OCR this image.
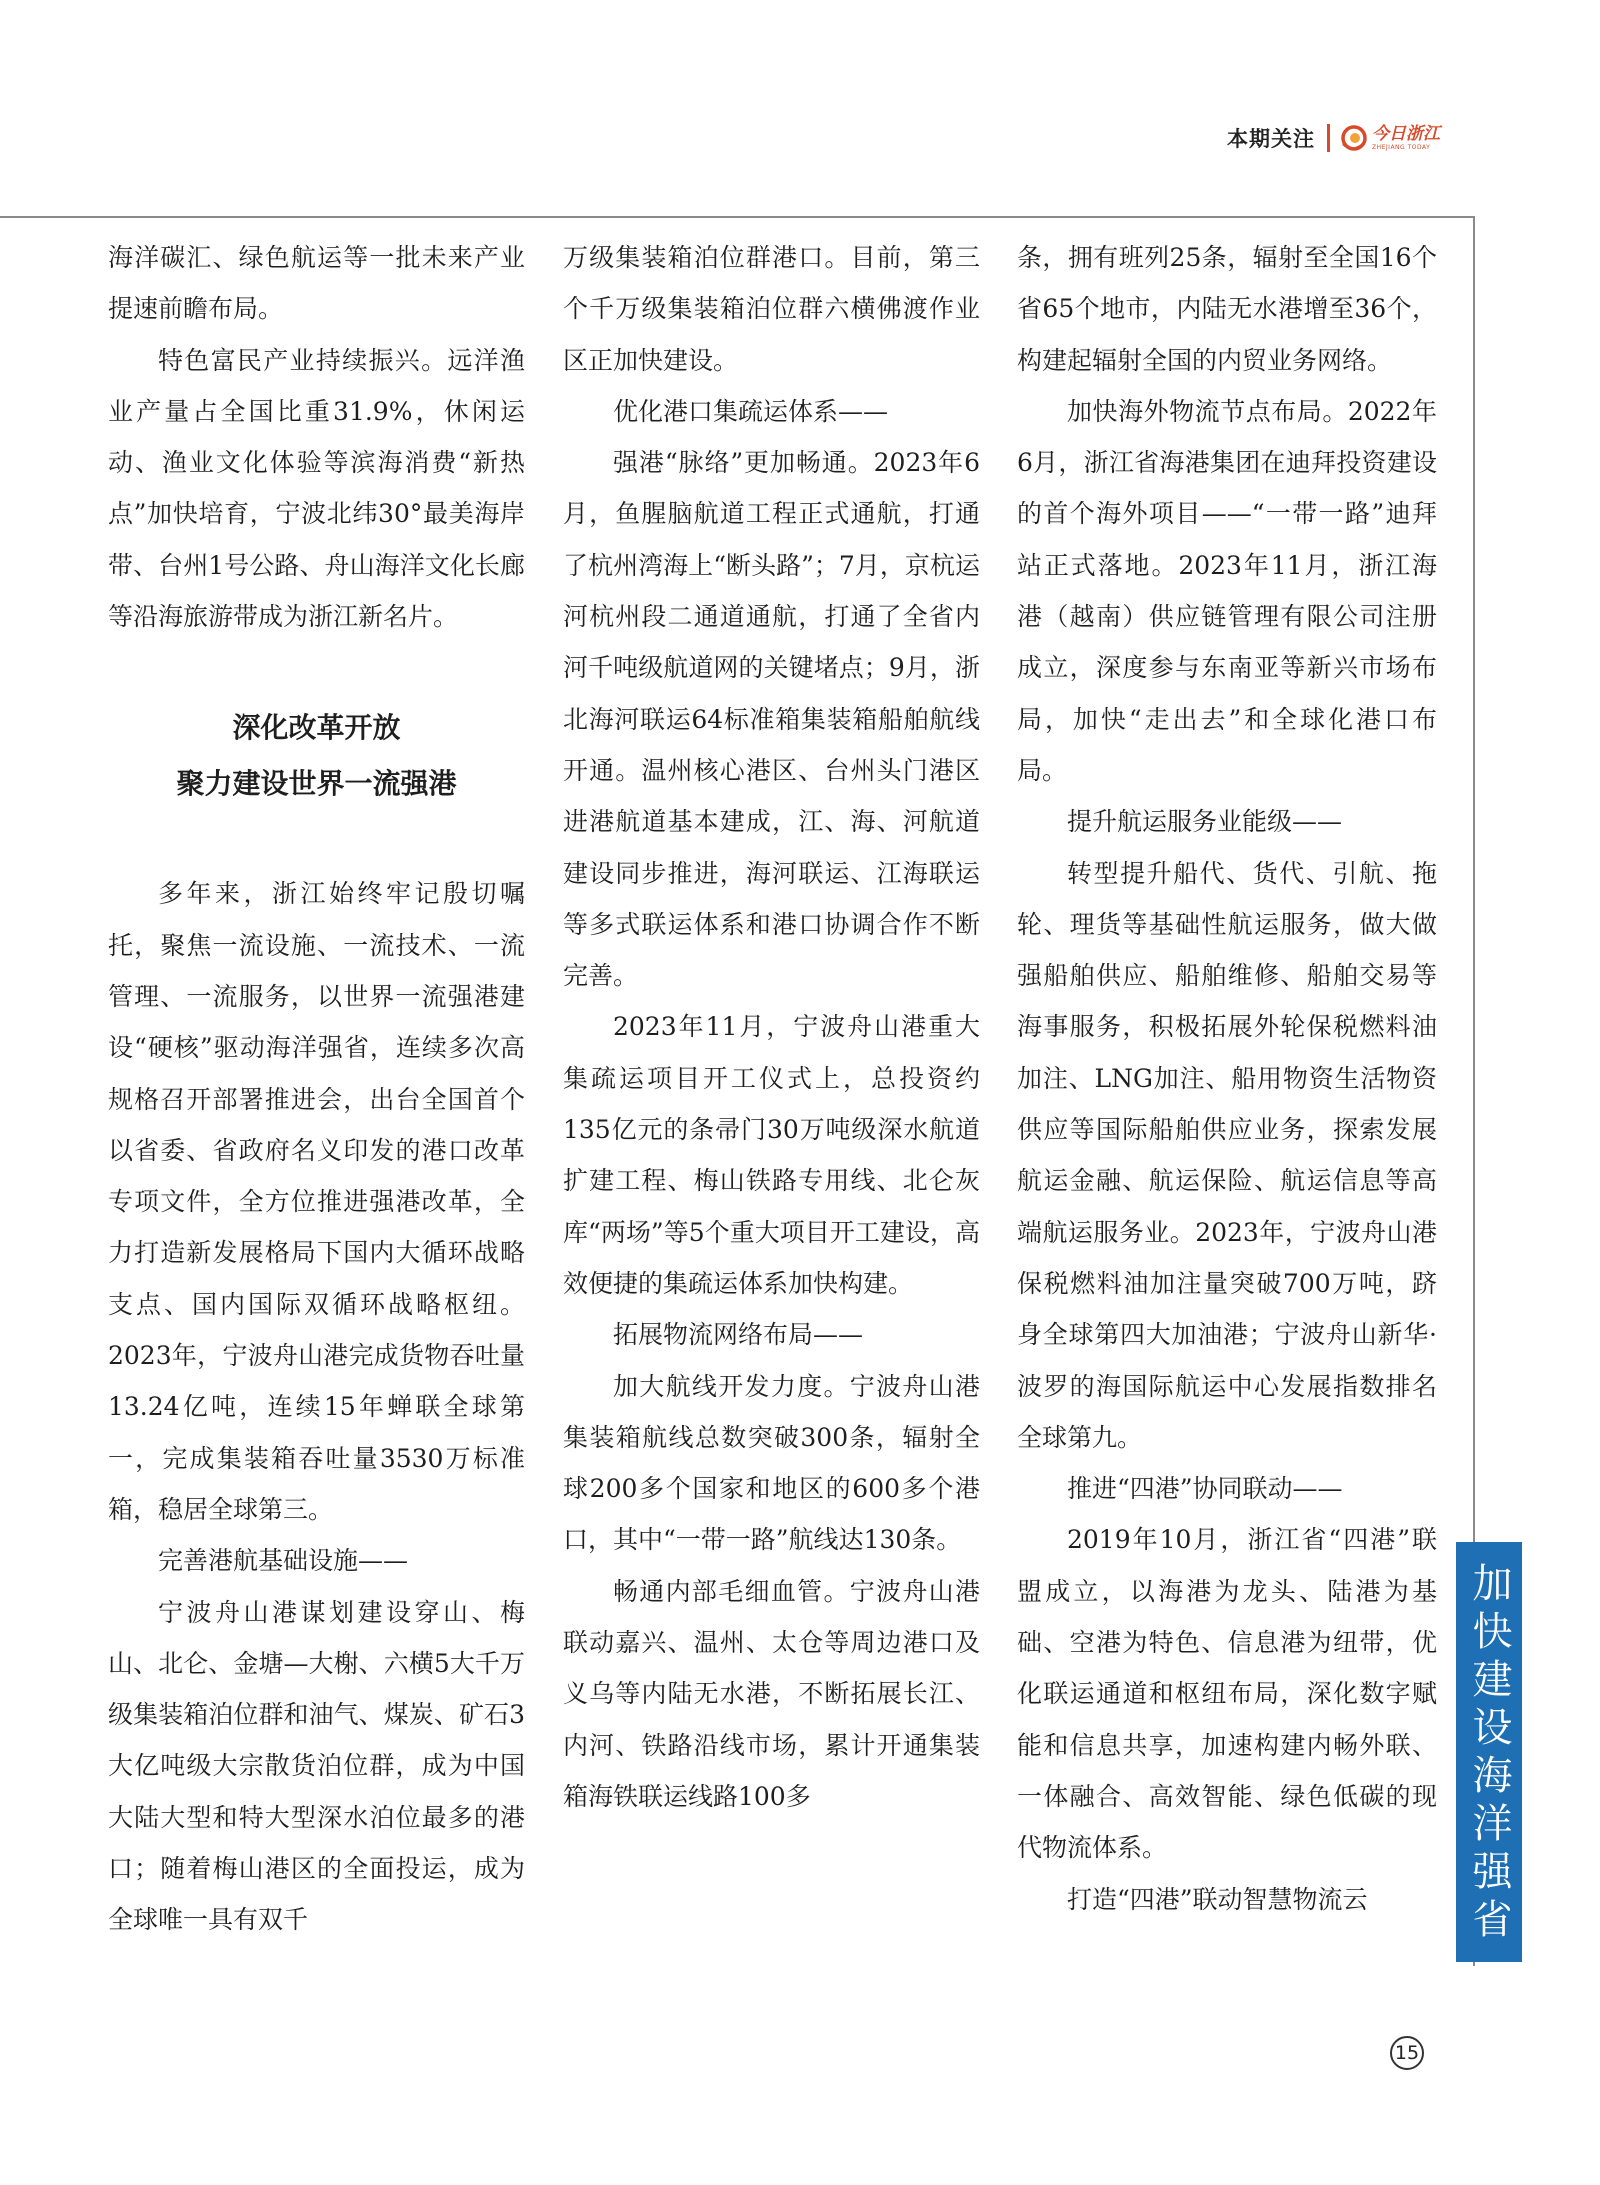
本期关注	今日浙江
ZHEJIANG TODAY

海洋碳汇、绿色航运等一批未来产业提速前瞻布局。

特色富民产业持续振兴。远洋渔业产量占全国比重31.9%，休闲运动、渔业文化体验等滨海消费“新热点”加快培育，宁波北纬30°最美海岸带、台州1号公路、舟山海洋文化长廊等沿海旅游带成为浙江新名片。

深化改革开放
聚力建设世界一流强港

多年来，浙江始终牢记殷切嘱托，聚焦一流设施、一流技术、一流管理、一流服务，以世界一流强港建设“硬核”驱动海洋强省，连续多次高规格召开部署推进会，出台全国首个以省委、省政府名义印发的港口改革专项文件，全方位推进强港改革，全力打造新发展格局下国内大循环战略支点、国内国际双循环战略枢纽。2023年，宁波舟山港完成货物吞吐量13.24亿吨，连续15年蝉联全球第一，完成集装箱吞吐量3530万标准箱，稳居全球第三。

完善港航基础设施——

宁波舟山港谋划建设穿山、梅山、北仑、金塘—大榭、六横5大千万级集装箱泊位群和油气、煤炭、矿石3大亿吨级大宗散货泊位群，成为中国大陆大型和特大型深水泊位最多的港口；随着梅山港区的全面投运，成为全球唯一具有双千

万级集装箱泊位群港口。目前，第三个千万级集装箱泊位群六横佛渡作业区正加快建设。

优化港口集疏运体系——

强港“脉络”更加畅通。2023年6月，鱼腥脑航道工程正式通航，打通了杭州湾海上“断头路”；7月，京杭运河杭州段二通道通航，打通了全省内河千吨级航道网的关键堵点；9月，浙北海河联运64标准箱集装箱船舶航线开通。温州核心港区、台州头门港区进港航道基本建成，江、海、河航道建设同步推进，海河联运、江海联运等多式联运体系和港口协调合作不断完善。

2023年11月，宁波舟山港重大集疏运项目开工仪式上，总投资约135亿元的条帚门30万吨级深水航道扩建工程、梅山铁路专用线、北仑灰库“两场”等5个重大项目开工建设，高效便捷的集疏运体系加快构建。

拓展物流网络布局——

加大航线开发力度。宁波舟山港集装箱航线总数突破300条，辐射全球200多个国家和地区的600多个港口，其中“一带一路”航线达130条。

畅通内部毛细血管。宁波舟山港联动嘉兴、温州、太仓等周边港口及义乌等内陆无水港，不断拓展长江、内河、铁路沿线市场，累计开通集装箱海铁联运线路100多

条，拥有班列25条，辐射至全国16个省65个地市，内陆无水港增至36个，构建起辐射全国的内贸业务网络。

加快海外物流节点布局。2022年6月，浙江省海港集团在迪拜投资建设的首个海外项目——“一带一路”迪拜站正式落地。2023年11月，浙江海港（越南）供应链管理有限公司注册成立，深度参与东南亚等新兴市场布局，加快“走出去”和全球化港口布局。

提升航运服务业能级——

转型提升船代、货代、引航、拖轮、理货等基础性航运服务，做大做强船舶供应、船舶维修、船舶交易等海事服务，积极拓展外轮保税燃料油加注、LNG加注、船用物资生活物资供应等国际船舶供应业务，探索发展航运金融、航运保险、航运信息等高端航运服务业。2023年，宁波舟山港保税燃料油加注量突破700万吨，跻身全球第四大加油港；宁波舟山新华·波罗的海国际航运中心发展指数排名全球第九。

推进“四港”协同联动——

2019年10月，浙江省“四港”联盟成立，以海港为龙头、陆港为基础、空港为特色、信息港为纽带，优化联运通道和枢纽布局，深化数字赋能和信息共享，加速构建内畅外联、一体融合、高效智能、绿色低碳的现代物流体系。

打造“四港”联动智慧物流云	加快建设海洋强省
15
